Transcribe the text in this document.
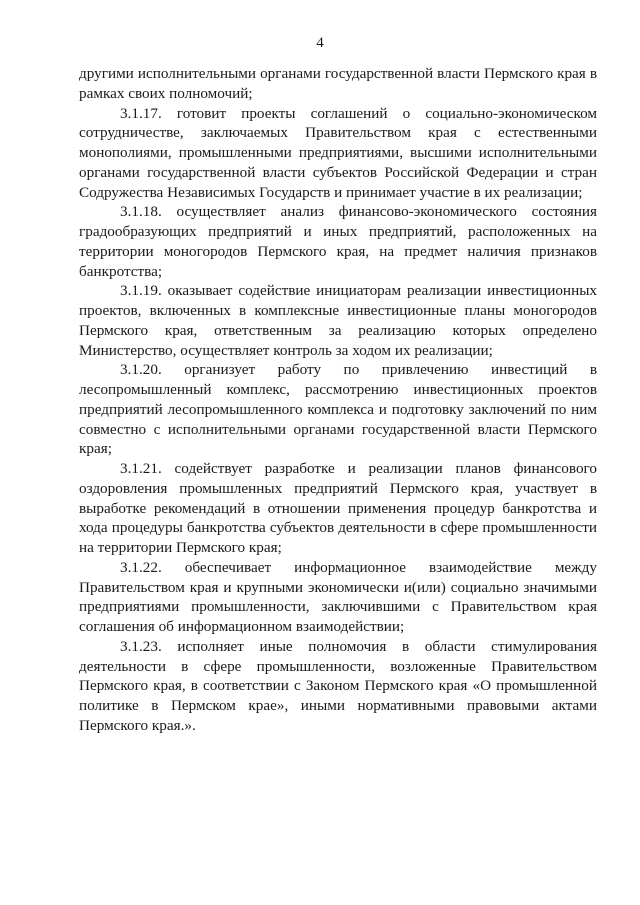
4

другими исполнительными органами государственной власти Пермского края в рамках своих полномочий;

3.1.17. готовит проекты соглашений о социально-экономическом сотрудничестве, заключаемых Правительством края с естественными монополиями, промышленными предприятиями, высшими исполнительными органами государственной власти субъектов Российской Федерации и стран Содружества Независимых Государств и принимает участие в их реализации;

3.1.18. осуществляет анализ финансово-экономического состояния градообразующих предприятий и иных предприятий, расположенных на территории моногородов Пермского края, на предмет наличия признаков банкротства;

3.1.19. оказывает содействие инициаторам реализации инвестиционных проектов, включенных в комплексные инвестиционные планы моногородов Пермского края, ответственным за реализацию которых определено Министерство, осуществляет контроль за ходом их реализации;

3.1.20. организует работу по привлечению инвестиций в лесопромышленный комплекс, рассмотрению инвестиционных проектов предприятий лесопромышленного комплекса и подготовку заключений по ним совместно с исполнительными органами государственной власти Пермского края;

3.1.21. содействует разработке и реализации планов финансового оздоровления промышленных предприятий Пермского края, участвует в выработке рекомендаций в отношении применения процедур банкротства и хода процедуры банкротства субъектов деятельности в сфере промышленности на территории Пермского края;

3.1.22. обеспечивает информационное взаимодействие между Правительством края и крупными экономически и(или) социально значимыми предприятиями промышленности, заключившими с Правительством края соглашения об информационном взаимодействии;

3.1.23. исполняет иные полномочия в области стимулирования деятельности в сфере промышленности, возложенные Правительством Пермского края, в соответствии с Законом Пермского края «О промышленной политике в Пермском крае», иными нормативными правовыми актами Пермского края.».
